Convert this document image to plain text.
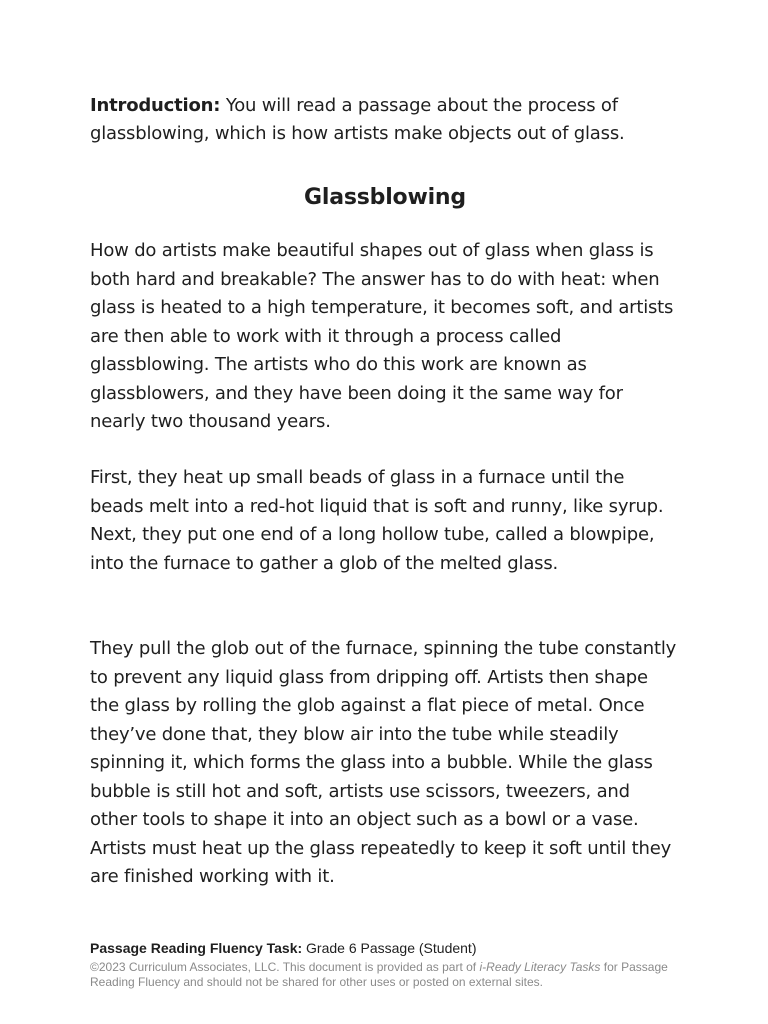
Introduction: You will read a passage about the process of glassblowing, which is how artists make objects out of glass.
Glassblowing

How do artists make beautiful shapes out of glass when glass is both hard and breakable? The answer has to do with heat: when glass is heated to a high temperature, it becomes soft, and artists are then able to work with it through a process called glassblowing. The artists who do this work are known as glassblowers, and they have been doing it the same way for nearly two thousand years.

First, they heat up small beads of glass in a furnace until the beads melt into a red-hot liquid that is soft and runny, like syrup. Next, they put one end of a long hollow tube, called a blowpipe, into the furnace to gather a glob of the melted glass.

They pull the glob out of the furnace, spinning the tube constantly to prevent any liquid glass from dripping off. Artists then shape the glass by rolling the glob against a flat piece of metal. Once they’ve done that, they blow air into the tube while steadily spinning it, which forms the glass into a bubble. While the glass bubble is still hot and soft, artists use scissors, tweezers, and other tools to shape it into an object such as a bowl or a vase. Artists must heat up the glass repeatedly to keep it soft until they are finished working with it.

Passage Reading Fluency Task: Grade 6 Passage (Student)
©2023 Curriculum Associates, LLC. This document is provided as part of i-Ready Literacy Tasks for Passage Reading Fluency and should not be shared for other uses or posted on external sites.
